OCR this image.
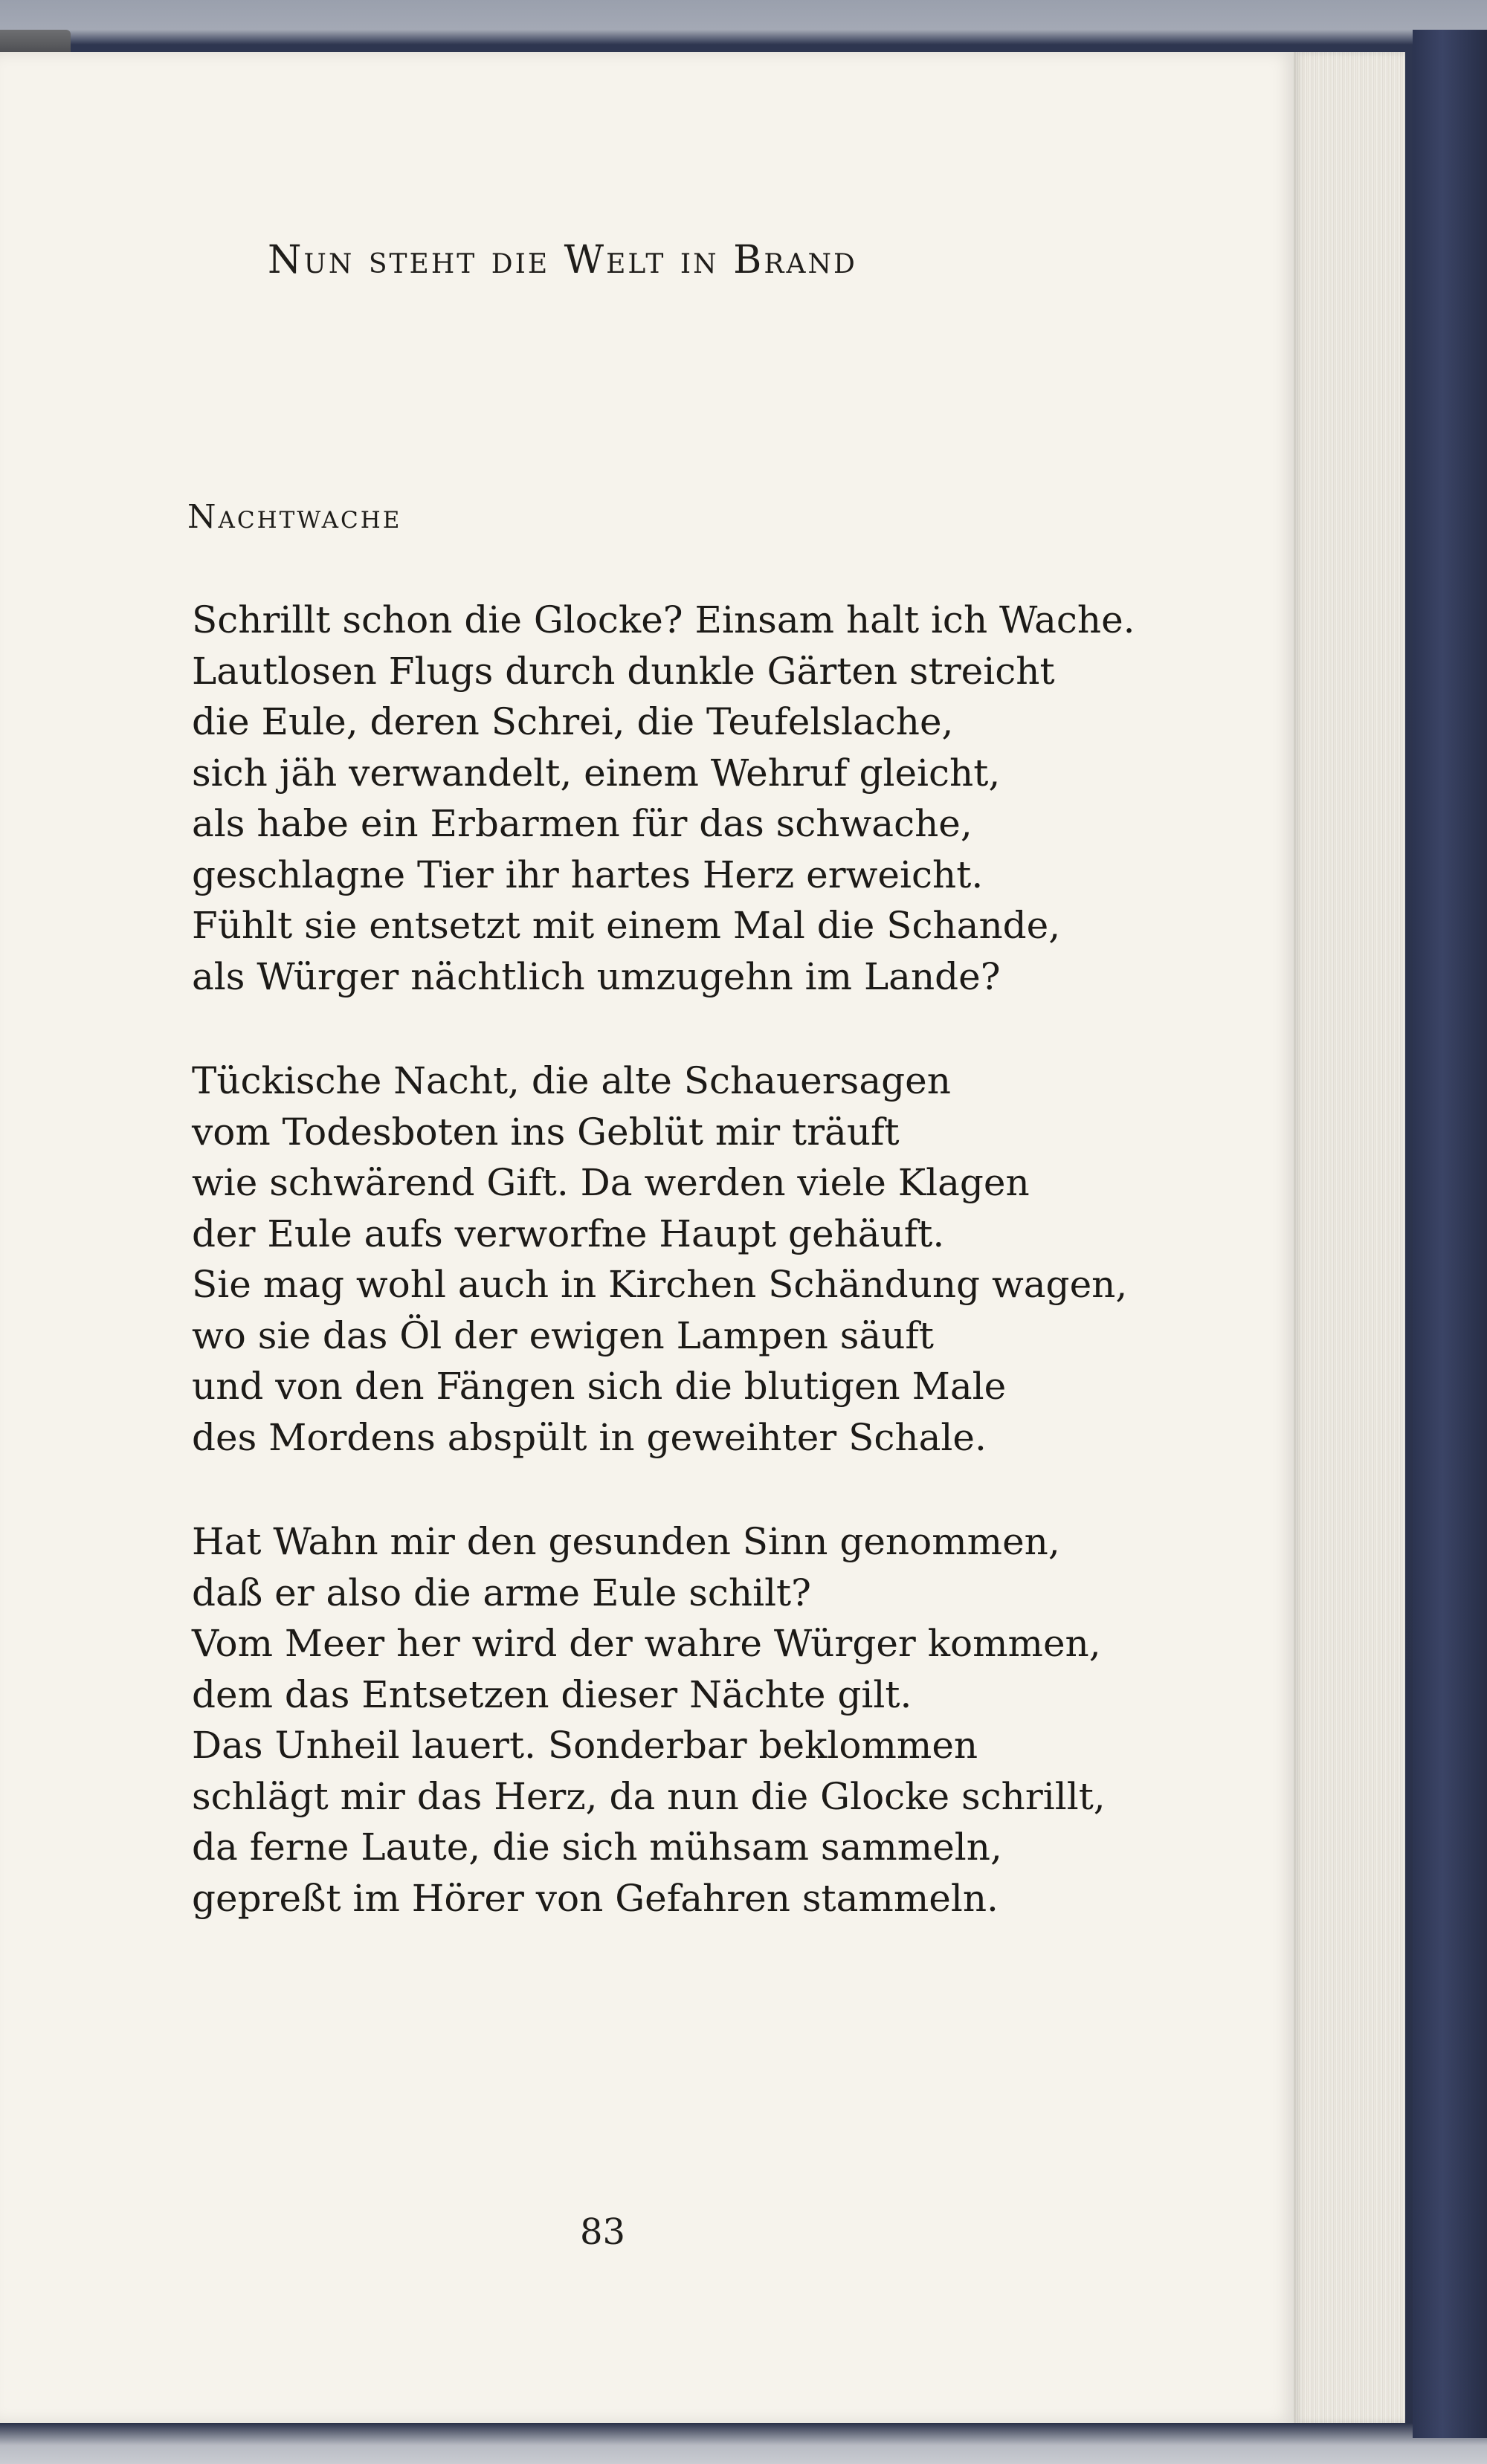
Nun steht die Welt in Brand
Nachtwache
Schrillt schon die Glocke? Einsam halt ich Wache.
Lautlosen Flugs durch dunkle Gärten streicht
die Eule, deren Schrei, die Teufelslache,
sich jäh verwandelt, einem Wehruf gleicht,
als habe ein Erbarmen für das schwache,
geschlagne Tier ihr hartes Herz erweicht.
Fühlt sie entsetzt mit einem Mal die Schande,
als Würger nächtlich umzugehn im Lande?
Tückische Nacht, die alte Schauersagen
vom Todesboten ins Geblüt mir träuft
wie schwärend Gift. Da werden viele Klagen
der Eule aufs verworfne Haupt gehäuft.
Sie mag wohl auch in Kirchen Schändung wagen,
wo sie das Öl der ewigen Lampen säuft
und von den Fängen sich die blutigen Male
des Mordens abspült in geweihter Schale.
Hat Wahn mir den gesunden Sinn genommen,
daß er also die arme Eule schilt?
Vom Meer her wird der wahre Würger kommen,
dem das Entsetzen dieser Nächte gilt.
Das Unheil lauert. Sonderbar beklommen
schlägt mir das Herz, da nun die Glocke schrillt,
da ferne Laute, die sich mühsam sammeln,
gepreßt im Hörer von Gefahren stammeln.
83
